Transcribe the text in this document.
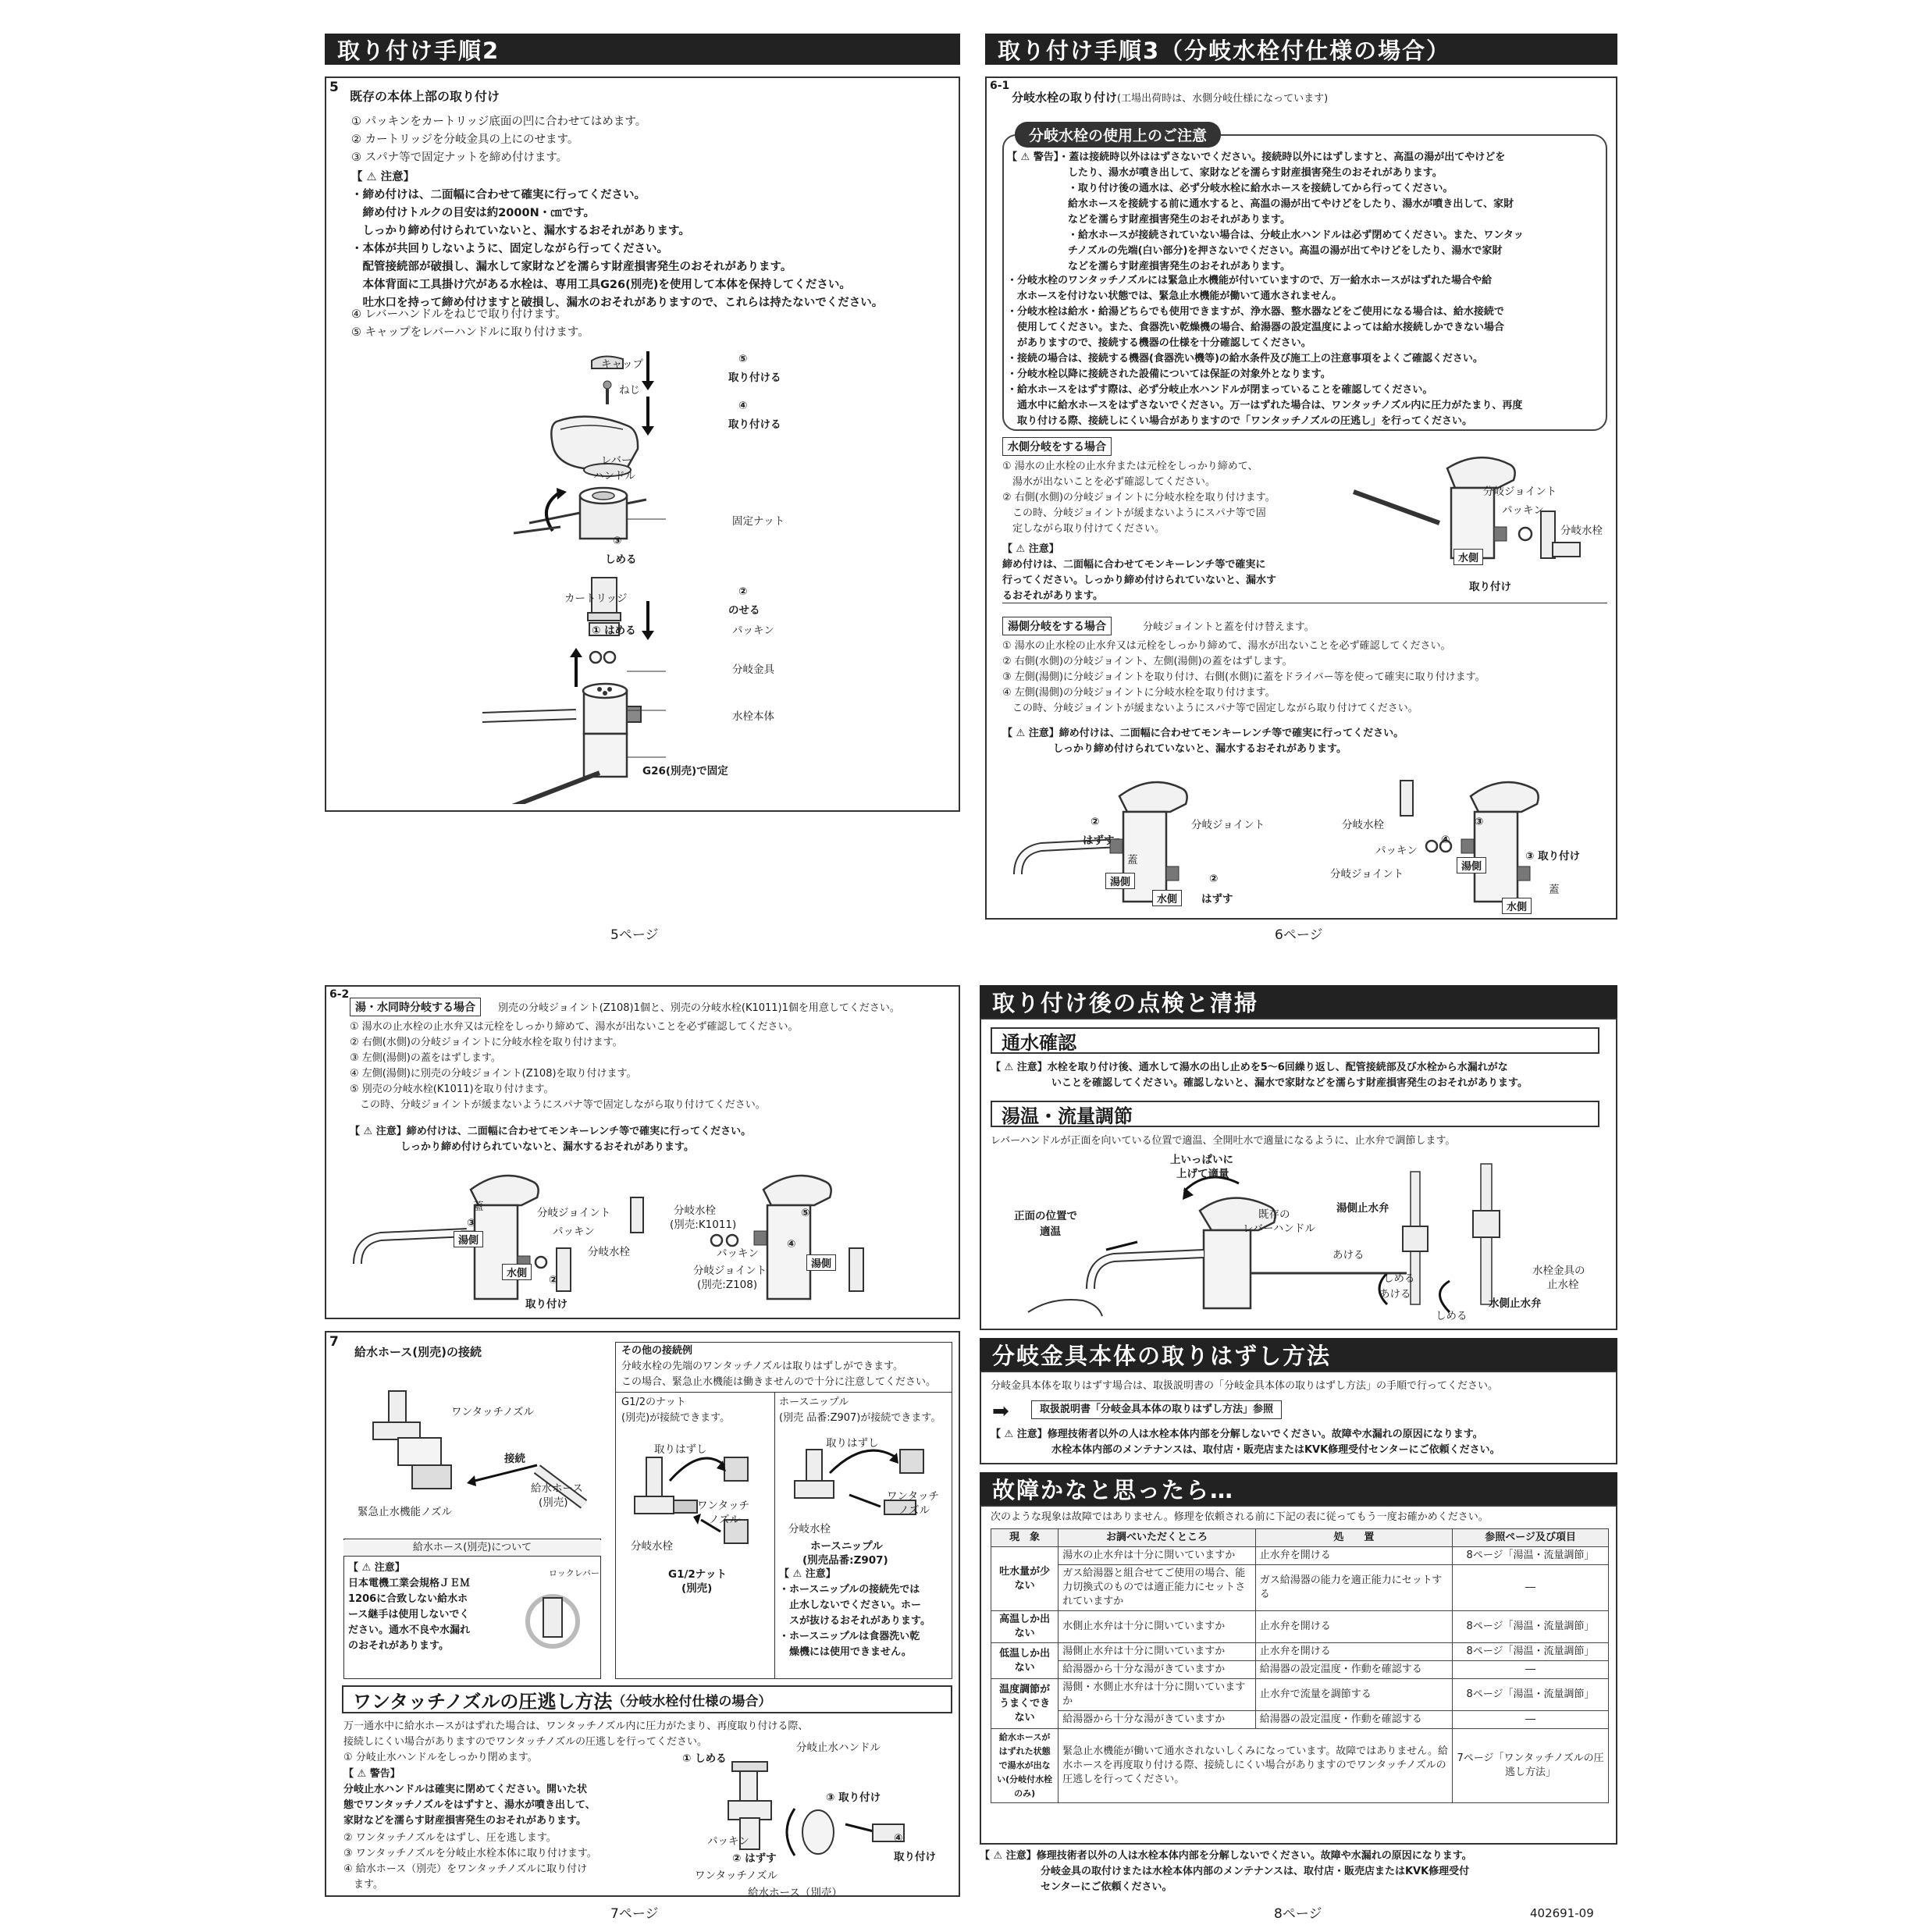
取り付け手順2
5
既存の本体上部の取り付け
① パッキンをカートリッジ底面の凹に合わせてはめます。
② カートリッジを分岐金具の上にのせます。
③ スパナ等で固定ナットを締め付けます。
【 ⚠ 注意】
・締め付けは、二面幅に合わせて確実に行ってください。
　締め付けトルクの目安は約2000N・㎝です。
　しっかり締め付けられていないと、漏水するおそれがあります。
・本体が共回りしないように、固定しながら行ってください。
　配管接続部が破損し、漏水して家財などを濡らす財産損害発生のおそれがあります。
　本体背面に工具掛け穴がある水栓は、専用工具G26(別売)を使用して本体を保持してください。
　吐水口を持って締め付けますと破損し、漏水のおそれがありますので、これらは持たないでください。
④ レバーハンドルをねじで取り付けます。
⑤ キャップをレバーハンドルに取り付けます。
キャップ
ねじ
⑤
取り付ける
④
取り付ける
レバー
ハンドル
固定ナット
③
しめる
カートリッジ
②
のせる
パッキン
① はめる
分岐金具
水栓本体
G26(別売)で固定
5ページ
取り付け手順3（分岐水栓付仕様の場合）
6-1
分岐水栓の取り付け(工場出荷時は、水側分岐仕様になっています)
分岐水栓の使用上のご注意
【 ⚠ 警告】・蓋は接続時以外ははずさないでください。接続時以外にはずしますと、高温の湯が出てやけどを
　　　　　　したり、湯水が噴き出して、家財などを濡らす財産損害発生のおそれがあります。
　　　　　　・取り付け後の通水は、必ず分岐水栓に給水ホースを接続してから行ってください。
　　　　　　給水ホースを接続する前に通水すると、高温の湯が出てやけどをしたり、湯水が噴き出して、家財
　　　　　　などを濡らす財産損害発生のおそれがあります。
　　　　　　・給水ホースが接続されていない場合は、分岐止水ハンドルは必ず閉めてください。また、ワンタッ
　　　　　　チノズルの先端(白い部分)を押さないでください。高温の湯が出てやけどをしたり、湯水で家財
　　　　　　などを濡らす財産損害発生のおそれがあります。
・分岐水栓のワンタッチノズルには緊急止水機能が付いていますので、万一給水ホースがはずれた場合や給
　水ホースを付けない状態では、緊急止水機能が働いて通水されません。
・分岐水栓は給水・給湯どちらでも使用できますが、浄水器、整水器などをご使用になる場合は、給水接続で
　使用してください。また、食器洗い乾燥機の場合、給湯器の設定温度によっては給水接続しかできない場合
　がありますので、接続する機器の仕様を十分確認してください。
・接続の場合は、接続する機器(食器洗い機等)の給水条件及び施工上の注意事項をよくご確認ください。
・分岐水栓以降に接続された設備については保証の対象外となります。
・給水ホースをはずす際は、必ず分岐止水ハンドルが閉まっていることを確認してください。
　通水中に給水ホースをはずさないでください。万一はずれた場合は、ワンタッチノズル内に圧力がたまり、再度
　取り付ける際、接続しにくい場合がありますので「ワンタッチノズルの圧逃し」を行ってください。
水側分岐をする場合
① 湯水の止水栓の止水弁または元栓をしっかり締めて、
　湯水が出ないことを必ず確認してください。
② 右側(水側)の分岐ジョイントに分岐水栓を取り付けます。
　この時、分岐ジョイントが緩まないようにスパナ等で固
　定しながら取り付けてください。
【 ⚠ 注意】
締め付けは、二面幅に合わせてモンキーレンチ等で確実に
行ってください。しっかり締め付けられていないと、漏水す
るおそれがあります。
分岐ジョイント
パッキン
分岐水栓
水側
取り付け
湯側分岐をする場合	分岐ジョイントと蓋を付け替えます。
① 湯水の止水栓の止水弁又は元栓をしっかり締めて、湯水が出ないことを必ず確認してください。
② 右側(水側)の分岐ジョイント、左側(湯側)の蓋をはずします。
③ 左側(湯側)に分岐ジョイントを取り付け、右側(水側)に蓋をドライバー等を使って確実に取り付けます。
④ 左側(湯側)の分岐ジョイントに分岐水栓を取り付けます。
　この時、分岐ジョイントが緩まないようにスパナ等で固定しながら取り付けてください。
【 ⚠ 注意】締め付けは、二面幅に合わせてモンキーレンチ等で確実に行ってください。
　　　　　しっかり締め付けられていないと、漏水するおそれがあります。
②
はずす
蓋
分岐ジョイント
湯側
水側
②
はずす
分岐水栓
④
③
パッキン
分岐ジョイント
湯側
水側
③ 取り付け
蓋
6ページ
6-2
湯・水同時分岐する場合	別売の分岐ジョイント(Z108)1個と、別売の分岐水栓(K1011)1個を用意してください。
① 湯水の止水栓の止水弁又は元栓をしっかり締めて、湯水が出ないことを必ず確認してください。
② 右側(水側)の分岐ジョイントに分岐水栓を取り付けます。
③ 左側(湯側)の蓋をはずします。
④ 左側(湯側)に別売の分岐ジョイント(Z108)を取り付けます。
⑤ 別売の分岐水栓(K1011)を取り付けます。
　この時、分岐ジョイントが緩まないようにスパナ等で固定しながら取り付けてください。
【 ⚠ 注意】締め付けは、二面幅に合わせてモンキーレンチ等で確実に行ってください。
　　　　　しっかり締め付けられていないと、漏水するおそれがあります。
蓋
③
分岐ジョイント
パッキン
分岐水栓
湯側
水側
②
取り付け
分岐水栓
(別売:K1011)
⑤
④
パッキン
分岐ジョイント
(別売:Z108)
湯側
7
給水ホース(別売)の接続
ワンタッチノズル
接続
給水ホース
(別売)
緊急止水機能ノズル
給水ホース(別売)について
【 ⚠ 注意】
日本電機工業会規格ＪＥＭ
1206に合致しない給水ホ
ース継手は使用しないでく
ださい。通水不良や水漏れ
のおそれがあります。
ロックレバー
その他の接続例
分岐水栓の先端のワンタッチノズルは取りはずしができます。
この場合、緊急止水機能は働きませんので十分に注意してください。
G1/2のナット
(別売)が接続できます。
ホースニップル
(別売 品番:Z907)が接続できます。
取りはずし
ワンタッチ
ノズル
分岐水栓
G1/2ナット
(別売)
取りはずし
ワンタッチ
ノズル
分岐水栓
ホースニップル
(別売品番:Z907)
【 ⚠ 注意】
・ホースニップルの接続先では
　止水しないでください。ホー
　スが抜けるおそれがあります。
・ホースニップルは食器洗い乾
　燥機には使用できません。
ワンタッチノズルの圧逃し方法 （分岐水栓付仕様の場合）
万一通水中に給水ホースがはずれた場合は、ワンタッチノズル内に圧力がたまり、再度取り付ける際、
接続しにくい場合がありますのでワンタッチノズルの圧逃しを行ってください。
① 分岐止水ハンドルをしっかり閉めます。
【 ⚠ 警告】
分岐止水ハンドルは確実に閉めてください。開いた状
態でワンタッチノズルをはずすと、湯水が噴き出して、
家財などを濡らす財産損害発生のおそれがあります。
② ワンタッチノズルをはずし、圧を逃します。
③ ワンタッチノズルを分岐止水栓本体に取り付けます。
④ 給水ホース（別売）をワンタッチノズルに取り付け
　ます。
① しめる
分岐止水ハンドル
③ 取り付け
パッキン
② はずす
④
取り付け
ワンタッチノズル
給水ホース（別売）
7ページ
取り付け後の点検と清掃
通水確認
【 ⚠ 注意】水栓を取り付け後、通水して湯水の出し止めを5～6回繰り返し、配管接続部及び水栓から水漏れがな
　　　　　　いことを確認してください。確認しないと、漏水で家財などを濡らす財産損害発生のおそれがあります。
湯温・流量調節
レバーハンドルが正面を向いている位置で適温、全開吐水で適量になるように、止水弁で調節します。
上いっぱいに
上げて適量
正面の位置で
適温
既存の
レバーハンドル
湯側止水弁
あける
しめる
あける
しめる
水栓金具の
止水栓
水側止水弁
分岐金具本体の取りはずし方法
分岐金具本体を取りはずす場合は、取扱説明書の「分岐金具本体の取りはずし方法」の手順で行ってください。
➡	取扱説明書「分岐金具本体の取りはずし方法」参照
【 ⚠ 注意】修理技術者以外の人は水栓本体内部を分解しないでください。故障や水漏れの原因になります。
　　　　　　水栓本体内部のメンテナンスは、取付店・販売店またはKVK修理受付センターにご依頼ください。
故障かなと思ったら…
次のような現象は故障ではありません。修理を依頼される前に下記の表に従ってもう一度お確かめください。
現　象	お調べいただくところ	処　　置	参照ページ及び項目
吐水量が少ない	湯水の止水弁は十分に開いていますか	止水弁を開ける	8ページ「湯温・流量調節」
	ガス給湯器と組合せてご使用の場合、能力切換式のものでは適正能力にセットされていますか	ガス給湯器の能力を適正能力にセットする	―
高温しか出ない	水側止水弁は十分に開いていますか	止水弁を開ける	8ページ「湯温・流量調節」
低温しか出ない	湯側止水弁は十分に開いていますか	止水弁を開ける	8ページ「湯温・流量調節」
	給湯器から十分な湯がきていますか	給湯器の設定温度・作動を確認する	―
温度調節がうまくできない	湯側・水側止水弁は十分に開いていますか	止水弁で流量を調節する	8ページ「湯温・流量調節」
	給湯器から十分な湯がきていますか	給湯器の設定温度・作動を確認する	―
給水ホースがはずれた状態で湯水が出ない(分岐付水栓のみ)	緊急止水機能が働いて通水されないしくみになっています。故障ではありません。給水ホースを再度取り付ける際、接続しにくい場合がありますのでワンタッチノズルの圧逃しを行ってください。		7ページ「ワンタッチノズルの圧逃し方法」
【 ⚠ 注意】修理技術者以外の人は水栓本体内部を分解しないでください。故障や水漏れの原因になります。
　　　　　　分岐金具の取付けまたは水栓本体内部のメンテナンスは、取付店・販売店またはKVK修理受付
　　　　　　センターにご依頼ください。
8ページ	402691-09
